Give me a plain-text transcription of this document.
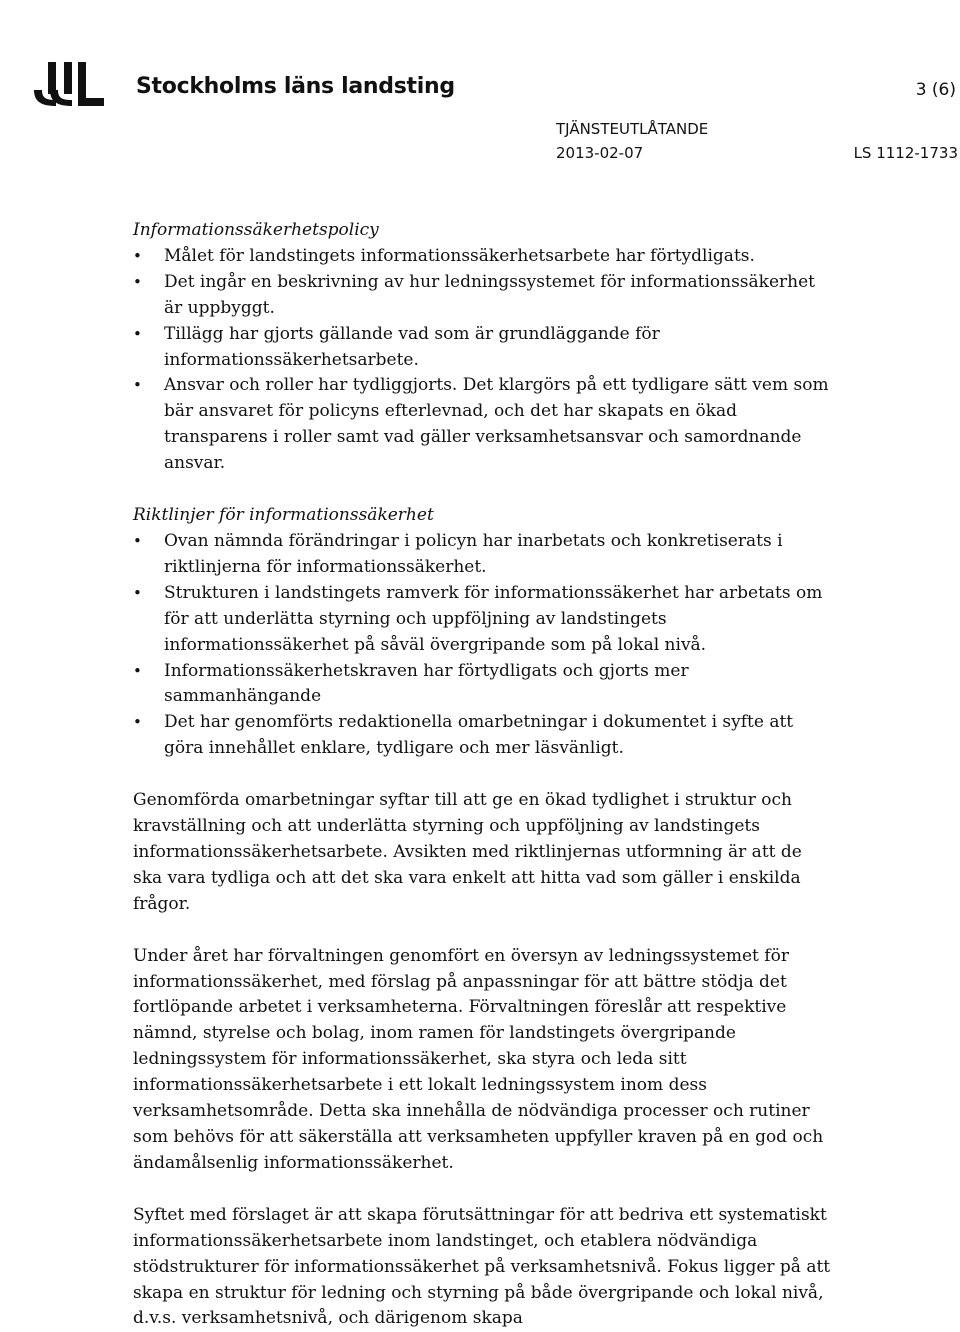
Stockholms läns landsting	3 (6)
TJÄNSTEUTLÅTANDE
2013-02-07	LS 1112-1733

Informationssäkerhetspolicy

• Målet för landstingets informationssäkerhetsarbete har förtydligats.
• Det ingår en beskrivning av hur ledningssystemet för informationssäkerhet är uppbyggt.
• Tillägg har gjorts gällande vad som är grundläggande för informationssäkerhetsarbete.
• Ansvar och roller har tydliggjorts. Det klargörs på ett tydligare sätt vem som bär ansvaret för policyns efterlevnad, och det har skapats en ökad transparens i roller samt vad gäller verksamhetsansvar och samordnande ansvar.

Riktlinjer för informationssäkerhet

• Ovan nämnda förändringar i policyn har inarbetats och konkretiserats i riktlinjerna för informationssäkerhet.
• Strukturen i landstingets ramverk för informationssäkerhet har arbetats om för att underlätta styrning och uppföljning av landstingets informationssäkerhet på såväl övergripande som på lokal nivå.
• Informationssäkerhetskraven har förtydligats och gjorts mer sammanhängande
• Det har genomförts redaktionella omarbetningar i dokumentet i syfte att göra innehållet enklare, tydligare och mer läsvänligt.

Genomförda omarbetningar syftar till att ge en ökad tydlighet i struktur och kravställning och att underlätta styrning och uppföljning av landstingets informationssäkerhetsarbete. Avsikten med riktlinjernas utformning är att de ska vara tydliga och att det ska vara enkelt att hitta vad som gäller i enskilda frågor.

Under året har förvaltningen genomfört en översyn av ledningssystemet för informationssäkerhet, med förslag på anpassningar för att bättre stödja det fortlöpande arbetet i verksamheterna. Förvaltningen föreslår att respektive nämnd, styrelse och bolag, inom ramen för landstingets övergripande ledningssystem för informationssäkerhet, ska styra och leda sitt informationssäkerhetsarbete i ett lokalt ledningssystem inom dess verksamhetsområde. Detta ska innehålla de nödvändiga processer och rutiner som behövs för att säkerställa att verksamheten uppfyller kraven på en god och ändamålsenlig informationssäkerhet.

Syftet med förslaget är att skapa förutsättningar för att bedriva ett systematiskt informationssäkerhetsarbete inom landstinget, och etablera nödvändiga stödstrukturer för informationssäkerhet på verksamhetsnivå. Fokus ligger på att skapa en struktur för ledning och styrning på både övergripande och lokal nivå, d.v.s. verksamhetsnivå, och därigenom skapa
